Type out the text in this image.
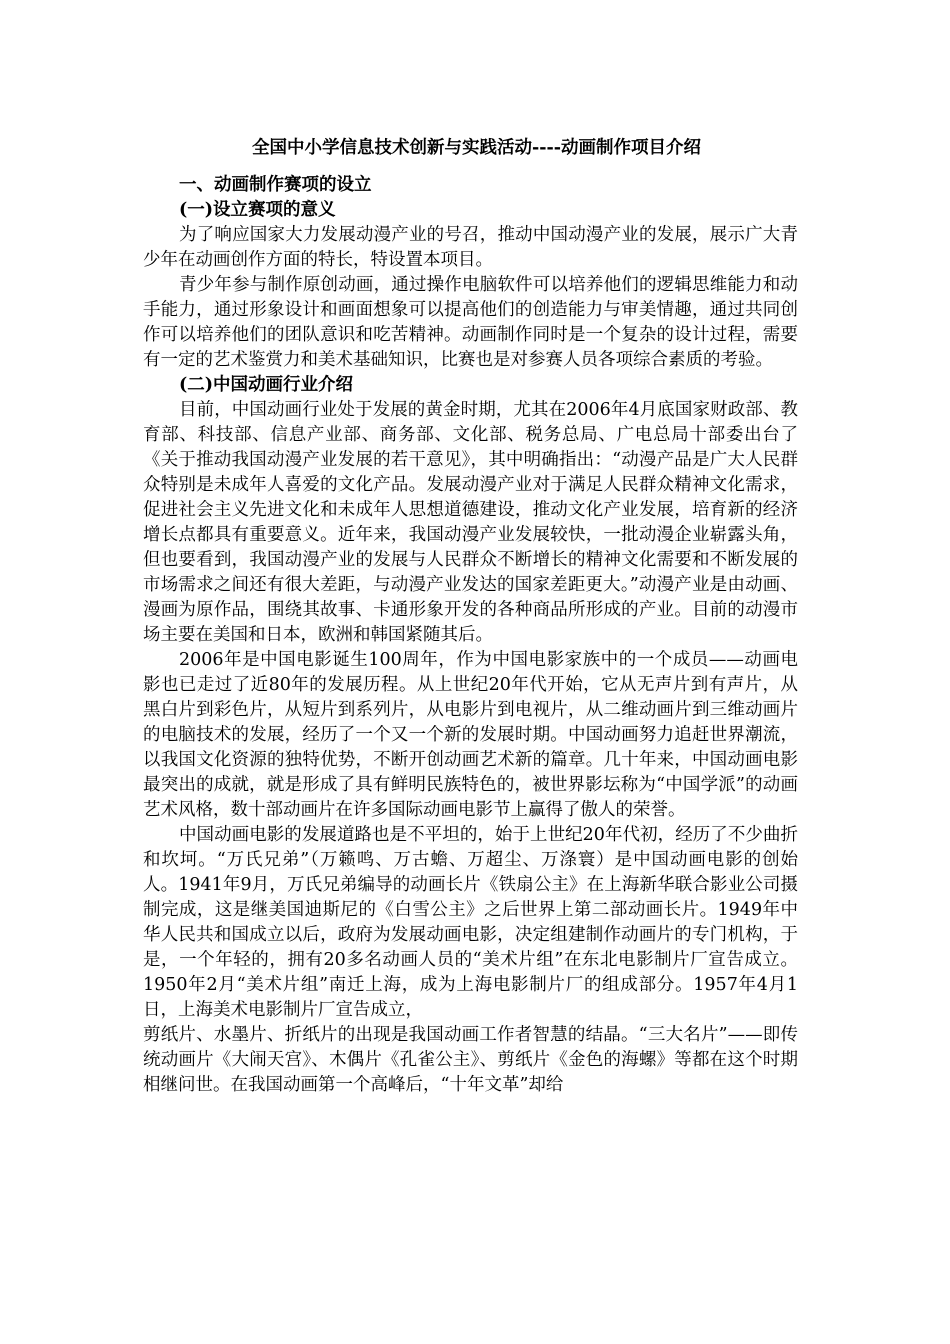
全国中小学信息技术创新与实践活动----动画制作项目介绍
一、动画制作赛项的设立
(一)设立赛项的意义

为了响应国家大力发展动漫产业的号召，推动中国动漫产业的发展，展示广大青少年在动画创作方面的特长，特设置本项目。

青少年参与制作原创动画，通过操作电脑软件可以培养他们的逻辑思维能力和动手能力，通过形象设计和画面想象可以提高他们的创造能力与审美情趣，通过共同创作可以培养他们的团队意识和吃苦精神。动画制作同时是一个复杂的设计过程，需要有一定的艺术鉴赏力和美术基础知识，比赛也是对参赛人员各项综合素质的考验。

(二)中国动画行业介绍

目前，中国动画行业处于发展的黄金时期，尤其在2006年4月底国家财政部、教育部、科技部、信息产业部、商务部、文化部、税务总局、广电总局十部委出台了《关于推动我国动漫产业发展的若干意见》，其中明确指出：“动漫产品是广大人民群众特别是未成年人喜爱的文化产品。发展动漫产业对于满足人民群众精神文化需求，促进社会主义先进文化和未成年人思想道德建设，推动文化产业发展，培育新的经济增长点都具有重要意义。近年来，我国动漫产业发展较快，一批动漫企业崭露头角，但也要看到，我国动漫产业的发展与人民群众不断增长的精神文化需要和不断发展的市场需求之间还有很大差距，与动漫产业发达的国家差距更大。”动漫产业是由动画、漫画为原作品，围绕其故事、卡通形象开发的各种商品所形成的产业。目前的动漫市场主要在美国和日本，欧洲和韩国紧随其后。

2006年是中国电影诞生100周年，作为中国电影家族中的一个成员——动画电影也已走过了近80年的发展历程。从上世纪20年代开始，它从无声片到有声片，从黑白片到彩色片，从短片到系列片，从电影片到电视片，从二维动画片到三维动画片的电脑技术的发展，经历了一个又一个新的发展时期。中国动画努力追赶世界潮流，以我国文化资源的独特优势，不断开创动画艺术新的篇章。几十年来，中国动画电影最突出的成就，就是形成了具有鲜明民族特色的，被世界影坛称为“中国学派”的动画艺术风格，数十部动画片在许多国际动画电影节上赢得了傲人的荣誉。

中国动画电影的发展道路也是不平坦的，始于上世纪20年代初，经历了不少曲折和坎坷。“万氏兄弟”（万籁鸣、万古蟾、万超尘、万涤寰）是中国动画电影的创始人。1941年9月，万氏兄弟编导的动画长片《铁扇公主》在上海新华联合影业公司摄制完成，这是继美国迪斯尼的《白雪公主》之后世界上第二部动画长片。1949年中华人民共和国成立以后，政府为发展动画电影，决定组建制作动画片的专门机构，于是，一个年轻的，拥有20多名动画人员的“美术片组”在东北电影制片厂宣告成立。1950年2月“美术片组”南迁上海，成为上海电影制片厂的组成部分。1957年4月1日，上海美术电影制片厂宣告成立，

剪纸片、水墨片、折纸片的出现是我国动画工作者智慧的结晶。“三大名片”——即传统动画片《大闹天宫》、木偶片《孔雀公主》、剪纸片《金色的海螺》等都在这个时期相继问世。在我国动画第一个高峰后，“十年文革”却给
